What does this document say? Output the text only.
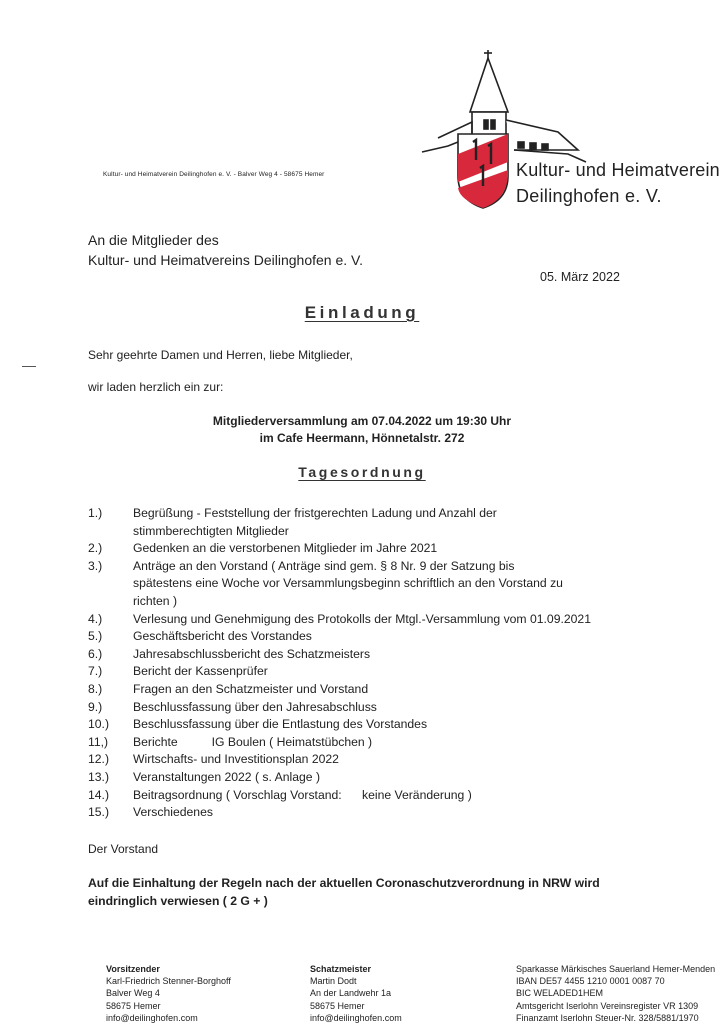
Kultur- und Heimatverein Deilinghofen e. V. - Balver Weg 4 - 58675 Hemer	Kultur- und Heimatverein
Deilinghofen e. V.
An die Mitglieder des
Kultur- und Heimatvereins Deilinghofen e. V.
05. März 2022
Einladung
Sehr geehrte Damen und Herren, liebe Mitglieder,
wir laden herzlich ein zur:
Mitgliederversammlung am 07.04.2022 um 19:30 Uhr
im Cafe Heermann, Hönnetalstr. 272
Tagesordnung
1.)	Begrüßung - Feststellung der fristgerechten Ladung und Anzahl der
stimmberechtigten Mitglieder
2.)	Gedenken an die verstorbenen Mitglieder im Jahre 2021
3.)	Anträge an den Vorstand ( Anträge sind gem. § 8 Nr. 9 der Satzung bis
spätestens eine Woche vor Versammlungsbeginn schriftlich an den Vorstand zu
richten )
4.)	Verlesung und Genehmigung des Protokolls der Mtgl.-Versammlung vom 01.09.2021
5.)	Geschäftsbericht des Vorstandes
6.)	Jahresabschlussbericht des Schatzmeisters
7.)	Bericht der Kassenprüfer
8.)	Fragen an den Schatzmeister und Vorstand
9.)	Beschlussfassung über den Jahresabschluss
10.)	Beschlussfassung über die Entlastung des Vorstandes
11,)	Berichte          IG Boulen ( Heimatstübchen )
12.)	Wirtschafts- und Investitionsplan 2022
13.)	Veranstaltungen 2022 ( s. Anlage )
14.)	Beitragsordnung ( Vorschlag Vorstand:      keine Veränderung )
15.)	Verschiedenes
Der Vorstand
Auf die Einhaltung der Regeln nach der aktuellen Coronaschutzverordnung in NRW wird
eindringlich verwiesen ( 2 G + )
Vorsitzender
Karl-Friedrich Stenner-Borghoff
Balver Weg 4
58675 Hemer
info@deilinghofen.com
Schatzmeister
Martin Dodt
An der Landwehr 1a
58675 Hemer
info@deilinghofen.com
Sparkasse Märkisches Sauerland Hemer-Menden
IBAN DE57 4455 1210 0001 0087 70
BIC WELADED1HEM
Amtsgericht Iserlohn Vereinsregister VR 1309
Finanzamt Iserlohn Steuer-Nr. 328/5881/1970
